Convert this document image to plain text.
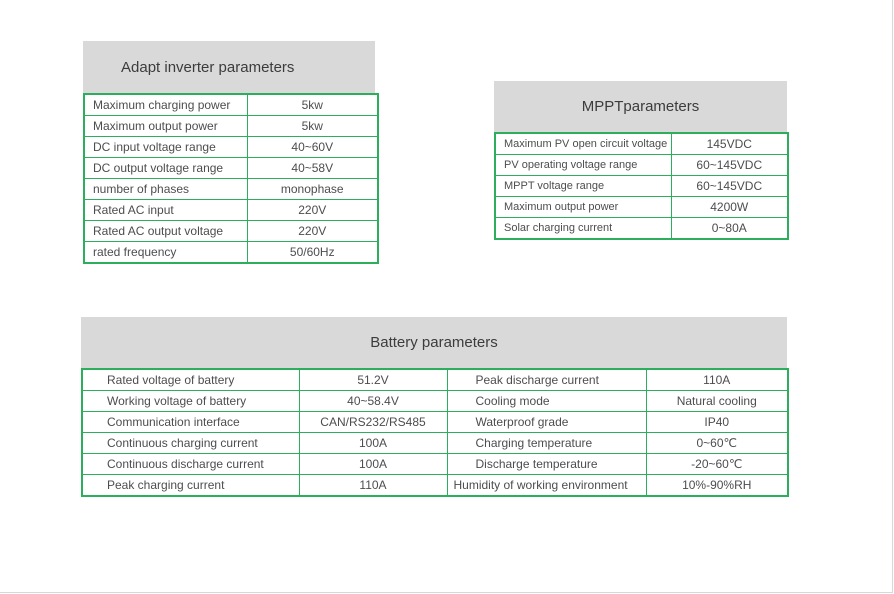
Adapt inverter parameters
Maximum charging power	5kw
Maximum output power	5kw
DC input voltage range	40~60V
DC output voltage range	40~58V
number of phases	monophase
Rated AC input	220V
Rated AC output voltage	220V
rated frequency	50/60Hz
MPPTparameters
Maximum PV open circuit voltage	145VDC
PV operating voltage range	60~145VDC
MPPT voltage range	60~145VDC
Maximum output power	4200W
Solar charging current	0~80A
Battery parameters
Rated voltage of battery	51.2V	Peak discharge current	110A
Working voltage of battery	40~58.4V	Cooling mode	Natural cooling
Communication interface	CAN/RS232/RS485	Waterproof grade	IP40
Continuous charging current	100A	Charging temperature	0~60℃
Continuous discharge current	100A	Discharge temperature	-20~60℃
Peak charging current	110A	Humidity of working environment	10%-90%RH
